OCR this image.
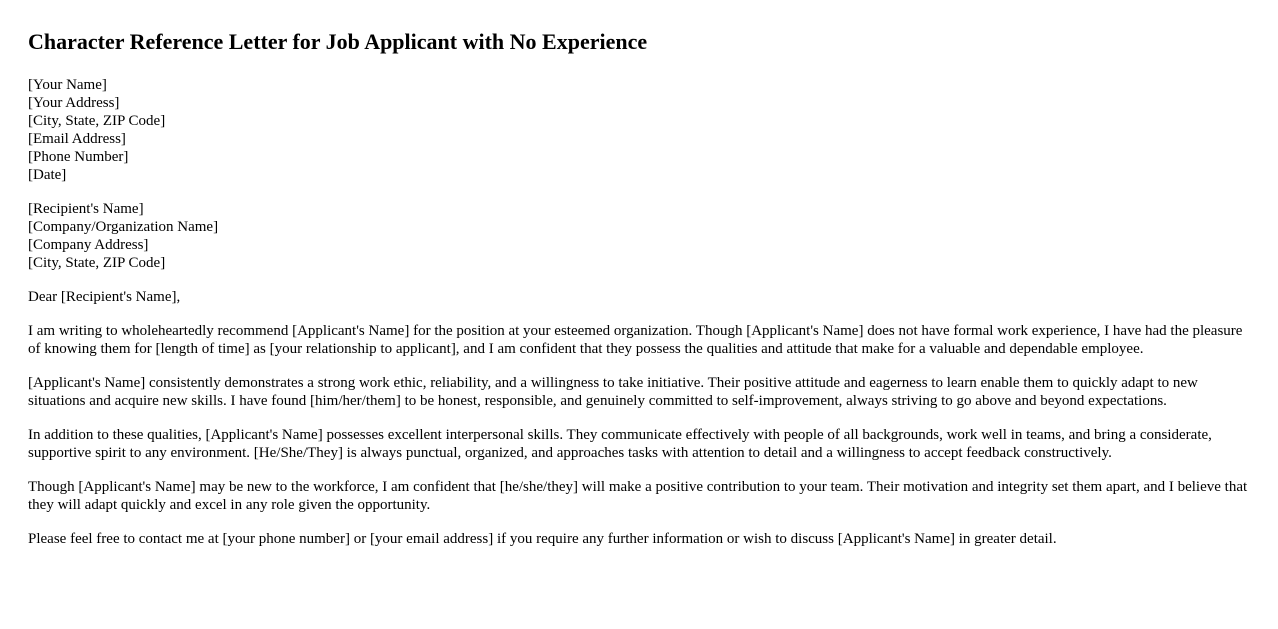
Character Reference Letter for Job Applicant with No Experience
[Your Name]
[Your Address]
[City, State, ZIP Code]
[Email Address]
[Phone Number]
[Date]
[Recipient's Name]
[Company/Organization Name]
[Company Address]
[City, State, ZIP Code]

Dear [Recipient's Name],

I am writing to wholeheartedly recommend [Applicant's Name] for the position at your esteemed organization. Though [Applicant's Name] does not have formal work experience, I have had the pleasure of knowing them for [length of time] as [your relationship to applicant], and I am confident that they possess the qualities and attitude that make for a valuable and dependable employee.

[Applicant's Name] consistently demonstrates a strong work ethic, reliability, and a willingness to take initiative. Their positive attitude and eagerness to learn enable them to quickly adapt to new situations and acquire new skills. I have found [him/her/them] to be honest, responsible, and genuinely committed to self-improvement, always striving to go above and beyond expectations.

In addition to these qualities, [Applicant's Name] possesses excellent interpersonal skills. They communicate effectively with people of all backgrounds, work well in teams, and bring a considerate, supportive spirit to any environment. [He/She/They] is always punctual, organized, and approaches tasks with attention to detail and a willingness to accept feedback constructively.

Though [Applicant's Name] may be new to the workforce, I am confident that [he/she/they] will make a positive contribution to your team. Their motivation and integrity set them apart, and I believe that they will adapt quickly and excel in any role given the opportunity.

Please feel free to contact me at [your phone number] or [your email address] if you require any further information or wish to discuss [Applicant's Name] in greater detail.
